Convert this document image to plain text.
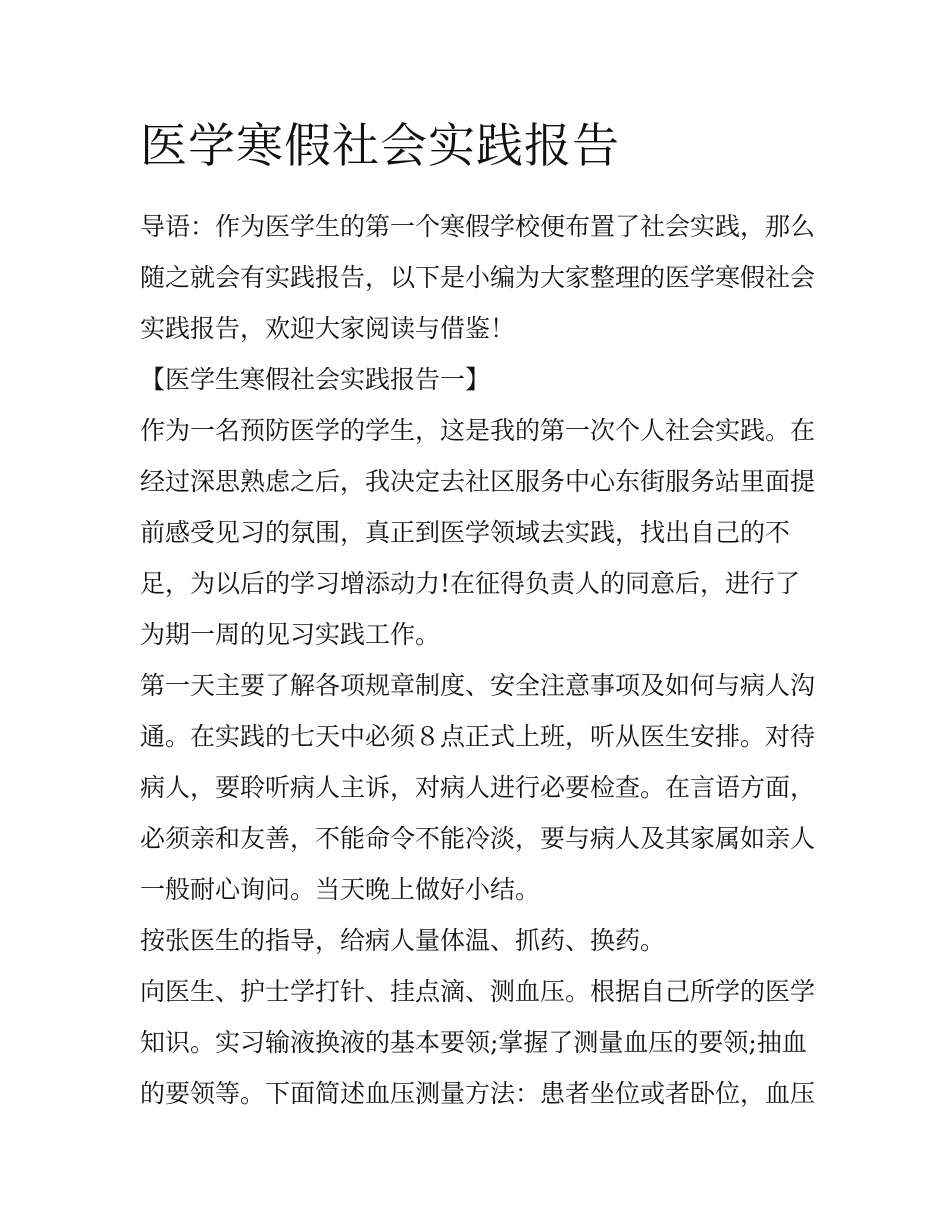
医学寒假社会实践报告

导语：作为医学生的第一个寒假学校便布置了社会实践，那么

随之就会有实践报告，以下是小编为大家整理的医学寒假社会

实践报告，欢迎大家阅读与借鉴！

【医学生寒假社会实践报告一】

作为一名预防医学的学生，这是我的第一次个人社会实践。在

经过深思熟虑之后，我决定去社区服务中心东街服务站里面提

前感受见习的氛围，真正到医学领域去实践，找出自己的不

足，为以后的学习增添动力!在征得负责人的同意后，进行了

为期一周的见习实践工作。

第一天主要了解各项规章制度、安全注意事项及如何与病人沟

通。在实践的七天中必须８点正式上班，听从医生安排。对待

病人，要聆听病人主诉，对病人进行必要检查。在言语方面，

必须亲和友善，不能命令不能冷淡，要与病人及其家属如亲人

一般耐心询问。当天晚上做好小结。

按张医生的指导，给病人量体温、抓药、换药。

向医生、护士学打针、挂点滴、测血压。根据自己所学的医学

知识。实习输液换液的基本要领;掌握了测量血压的要领;抽血

的要领等。下面简述血压测量方法：患者坐位或者卧位，血压
